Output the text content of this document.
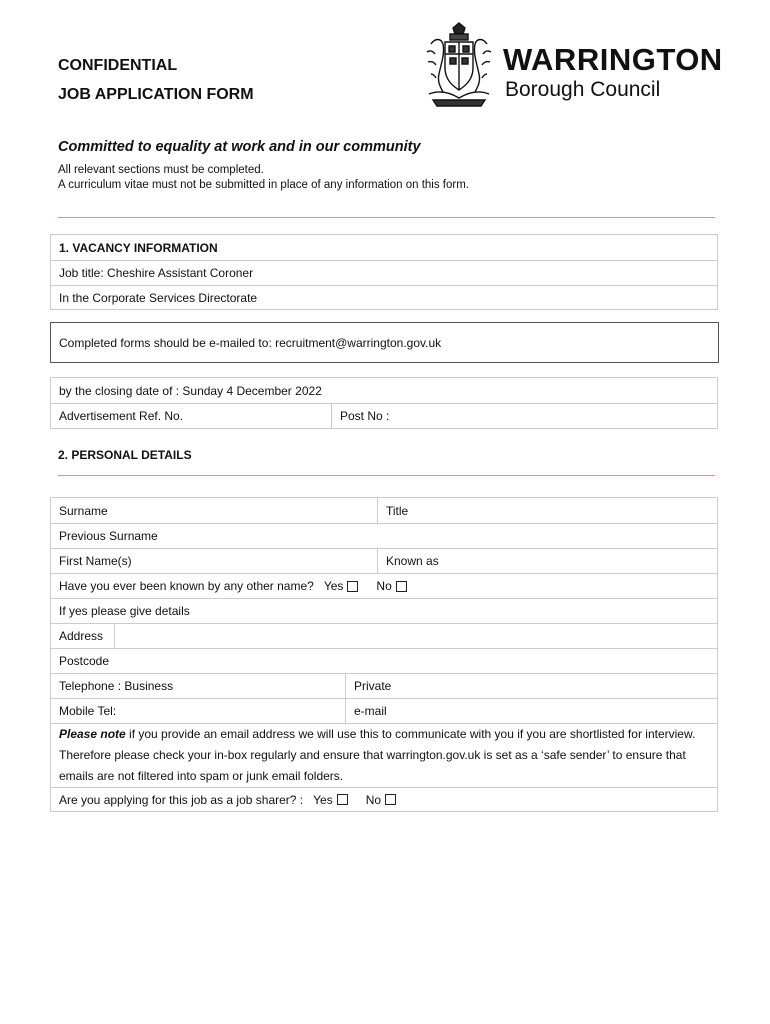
CONFIDENTIAL
JOB APPLICATION FORM
WARRINGTON
Borough Council
Committed to equality at work and in our community
All relevant sections must be completed.
A curriculum vitae must not be submitted in place of any information on this form.
1. VACANCY INFORMATION
Job title: Cheshire Assistant Coroner
In the Corporate Services Directorate
Completed forms should be e-mailed to: recruitment@warrington.gov.uk
by the closing date of : Sunday 4 December 2022
Advertisement Ref. No.	Post No :
2. PERSONAL DETAILS
Surname	Title
Previous Surname
First Name(s)	Known as
Have you ever been known by any other name? Yes	No
If yes please give details
Address
Postcode
Telephone : Business	Private
Mobile Tel:	e-mail
Please note if you provide an email address we will use this to communicate with you if you are shortlisted for interview. Therefore please check your in-box regularly and ensure that warrington.gov.uk is set as a ‘safe sender’ to ensure that emails are not filtered into spam or junk email folders.
Are you applying for this job as a job sharer? : Yes	No
